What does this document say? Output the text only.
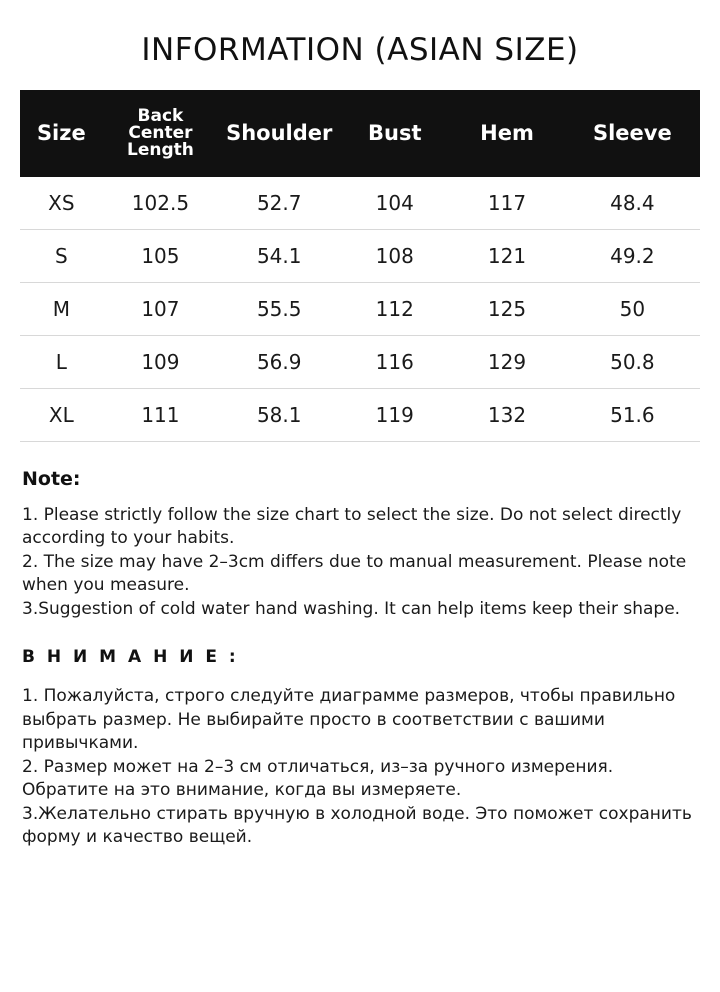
INFORMATION (ASIAN SIZE)
Size	Back Center Length	Shoulder	Bust	Hem	Sleeve
XS	102.5	52.7	104	117	48.4
S	105	54.1	108	121	49.2
M	107	55.5	112	125	50
L	109	56.9	116	129	50.8
XL	111	58.1	119	132	51.6
Note:

1. Please strictly follow the size chart to select the size. Do not select directly according to your habits.

2. The size may have 2–3cm differs due to manual measurement. Please note when you measure.

3.Suggestion of cold water hand washing. It can help items keep their shape.

В Н И М А Н И Е :

1. Пожалуйста, строго следуйте диаграмме размеров, чтобы правильно выбрать размер. Не выбирайте просто в соответствии с вашими привычками.

2. Размер может на 2–3 см отличаться, из–за ручного измерения. Обратите на это внимание, когда вы измеряете.

3.Желательно стирать вручную в холодной воде. Это поможет сохранить форму и качество вещей.
